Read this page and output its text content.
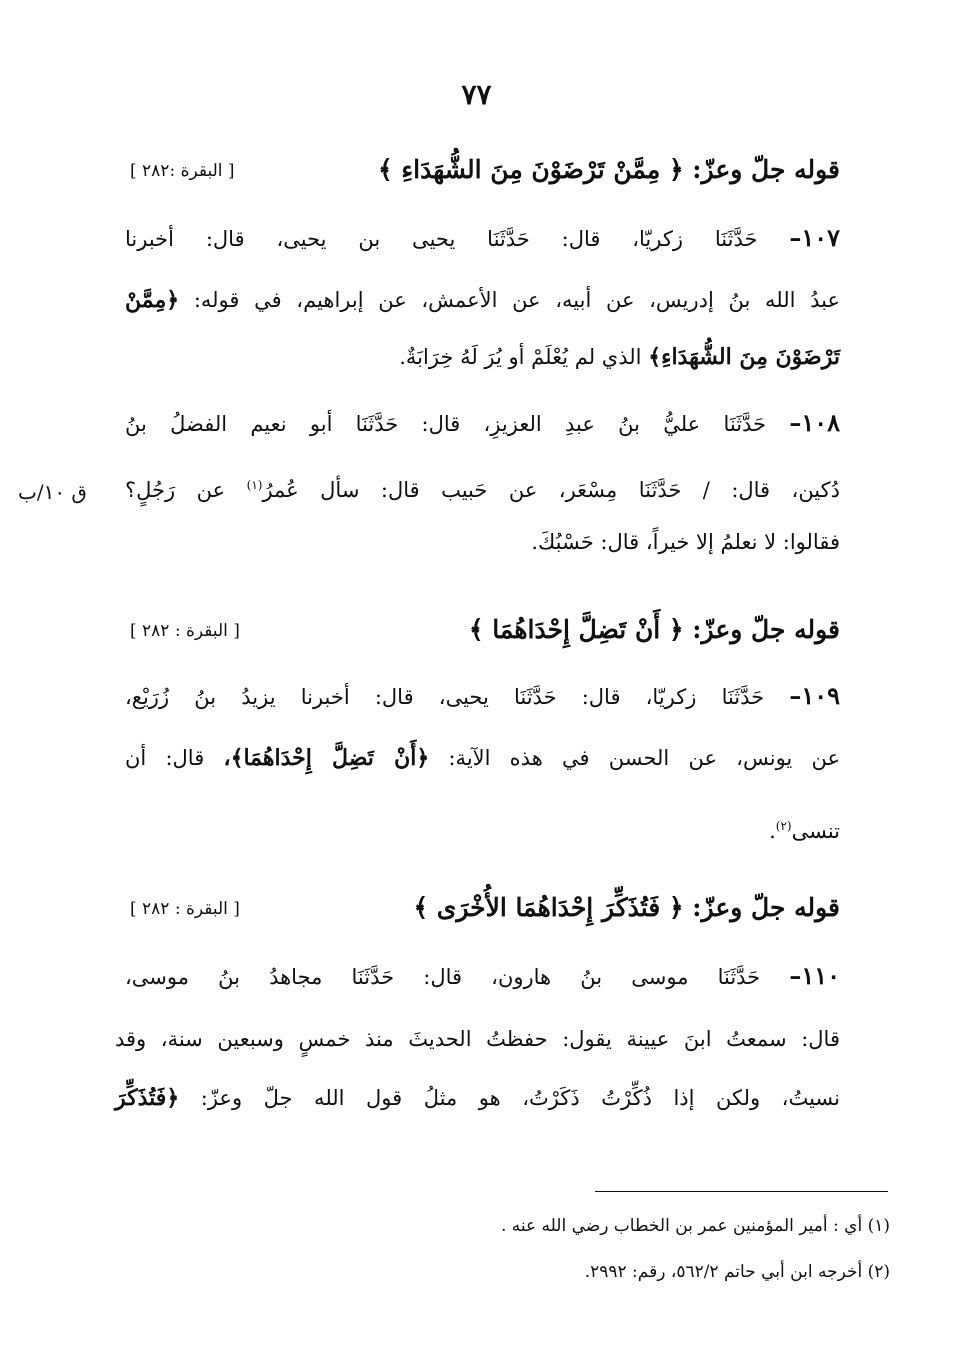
٧٧
قوله جلّ وعزّ: ﴿ مِمَّنْ تَرْضَوْنَ مِنَ الشُّهَدَاءِ ﴾
[ البقرة :٢٨٢ ]
١٠٧– حَدَّثَنَا زكريّا، قال: حَدَّثَنَا يحيى بن يحيى، قال: أخبرنا
عبدُ الله بنُ إدريس، عن أبيه، عن الأعمش، عن إبراهيم، في قوله: ﴿مِمَّنْ
تَرْضَوْنَ مِنَ الشُّهَدَاءِ﴾ الذي لم يُعْلَمْ أو يُرَ لَهُ خِرَابَةٌ.
١٠٨– حَدَّثَنَا عليُّ بنُ عبدِ العزيزِ، قال: حَدَّثَنَا أبو نعيم الفضلُ بنُ
دُكين، قال: / حَدَّثَنَا مِسْعَر، عن حَبيب قال: سأل عُمرُ$^{(١)}$ عن رَجُلٍ؟
ق ١٠/ب
فقالوا: لا نعلمُ إلا خيراً، قال: حَسْبُكَ.
قوله جلّ وعزّ: ﴿ أَنْ تَضِلَّ إِحْدَاهُمَا ﴾
[ البقرة : ٢٨٢ ]
١٠٩– حَدَّثَنَا زكريّا، قال: حَدَّثَنَا يحيى، قال: أخبرنا يزيدُ بنُ زُرَيْع،
عن يونس، عن الحسن في هذه الآية: ﴿أَنْ تَضِلَّ إِحْدَاهُمَا﴾، قال: أن
تنسى$^{(٢)}$.
قوله جلّ وعزّ: ﴿ فَتُذَكِّرَ إِحْدَاهُمَا الأُخْرَى ﴾
[ البقرة : ٢٨٢ ]
١١٠– حَدَّثَنَا موسى بنُ هارون، قال: حَدَّثَنَا مجاهدُ بنُ موسى،
قال: سمعتُ ابنَ عيينة يقول: حفظتُ الحديثَ منذ خمسٍ وسبعين سنة، وقد
نسيتُ، ولكن إذا ذُكِّرْتُ ذَكَرْتُ، هو مثلُ قول الله جلّ وعزّ: ﴿فَتُذَكِّرَ
(١) أي : أمير المؤمنين عمر بن الخطاب رضي الله عنه .
(٢) أخرجه ابن أبي حاتم ٥٦٢/٢، رقم: ٢٩٩٢.
